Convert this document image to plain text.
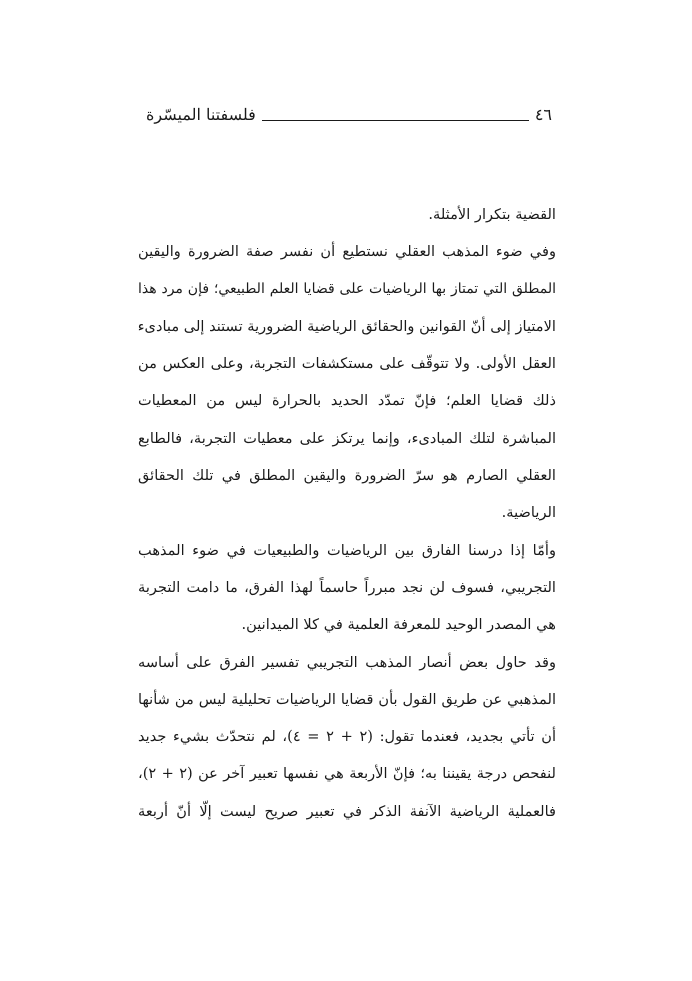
٤٦
فلسفتنا الميسّرة
القضية بتكرار الأمثلة.
وفي ضوء المذهب العقلي نستطيع أن نفسر صفة الضرورة واليقين
المطلق التي تمتاز بها الرياضيات على قضايا العلم الطبيعي؛ فإن مرد هذا
الامتياز إلى أنّ القوانين والحقائق الرياضية الضرورية تستند إلى مبادىء
العقل الأولى. ولا تتوقّف على مستكشفات التجربة، وعلى العكس من
ذلك قضايا العلم؛ فإنّ تمدّد الحديد بالحرارة ليس من المعطيات
المباشرة لتلك المبادىء، وإنما يرتكز على معطيات التجربة، فالطابع
العقلي الصارم هو سرّ الضرورة واليقين المطلق في تلك الحقائق
الرياضية.
وأمّا إذا درسنا الفارق بين الرياضيات والطبيعيات في ضوء المذهب
التجريبي، فسوف لن نجد مبرراً حاسماً لهذا الفرق، ما دامت التجربة
هي المصدر الوحيد للمعرفة العلمية في كلا الميدانين.
وقد حاول بعض أنصار المذهب التجريبي تفسير الفرق على أساسه
المذهبي عن طريق القول بأن قضايا الرياضيات تحليلية ليس من شأنها
أن تأتي بجديد، فعندما تقول: (٢ + ٢ = ٤)، لم نتحدّث بشيء جديد
لنفحص درجة يقيننا به؛ فإنّ الأربعة هي نفسها تعبير آخر عن (٢ + ٢)،
فالعملية الرياضية الآنفة الذكر في تعبير صريح ليست إلّا أنّ أربعة
